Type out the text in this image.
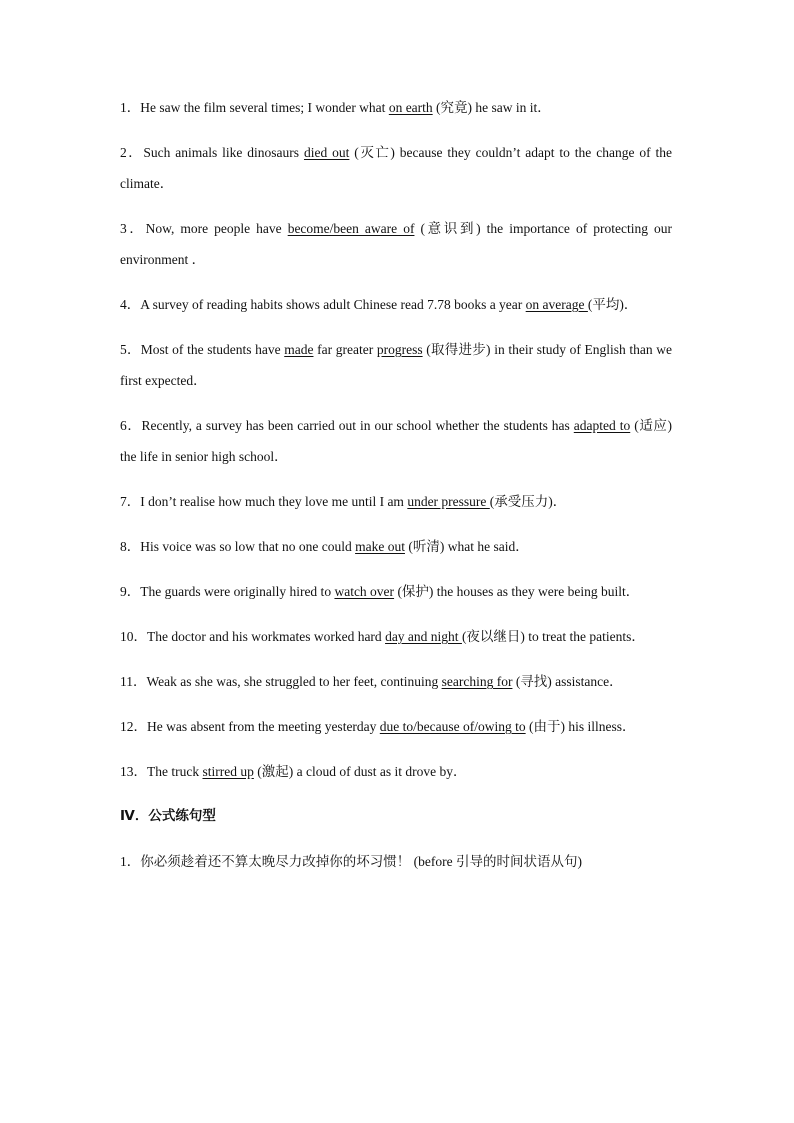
1．He saw the film several times; I wonder what on earth (究竟) he saw in it．
2．Such animals like dinosaurs died out (灭亡) because they couldn’t adapt to the change of the climate．
3．Now, more people have become/been aware of (意识到) the importance of protecting our environment ．
4．A survey of reading habits shows adult Chinese read 7.78 books a year on average (平均)．
5．Most of the students have made far greater progress (取得进步) in their study of English than we first expected．
6．Recently, a survey has been carried out in our school whether the students has adapted to (适应) the life in senior high school．
7．I don’t realise how much they love me until I am under pressure (承受压力)．
8．His voice was so low that no one could make out (听清) what he said．
9．The guards were originally hired to watch over (保护) the houses as they were being built．
10．The doctor and his workmates worked hard day and night (夜以继日) to treat the patients．
11．Weak as she was, she struggled to her feet, continuing searching for (寻找) assistance．
12．He was absent from the meeting yesterday due to/because of/owing to (由于) his illness．
13．The truck stirred up (激起) a cloud of dust as it drove by．
Ⅳ．公式练句型
1．你必须趁着还不算太晚尽力改掉你的坏习惯！ (before 引导的时间状语从句)
